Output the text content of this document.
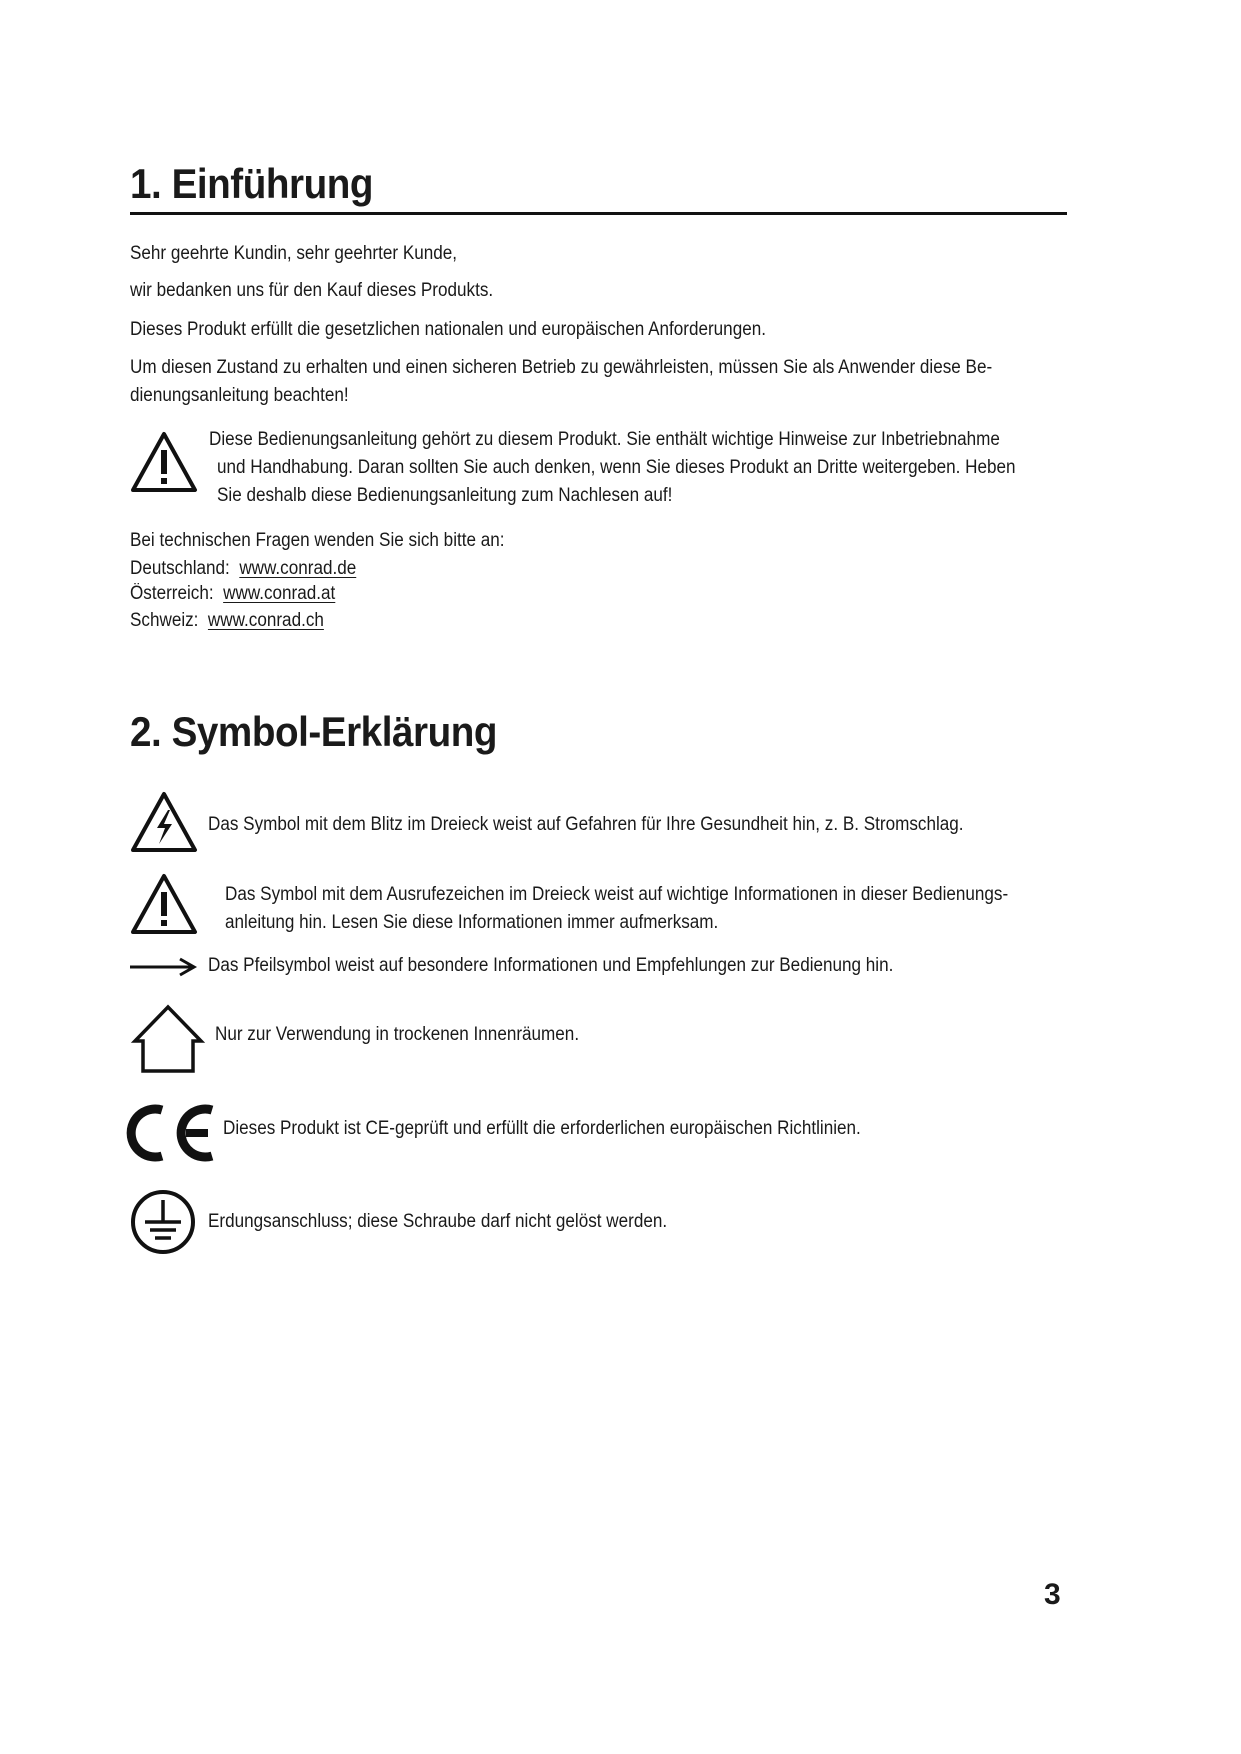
1. Einführung
Sehr geehrte Kundin, sehr geehrter Kunde,
wir bedanken uns für den Kauf dieses Produkts.
Dieses Produkt erfüllt die gesetzlichen nationalen und europäischen Anforderungen.
Um diesen Zustand zu erhalten und einen sicheren Betrieb zu gewährleisten, müssen Sie als Anwender diese Be-
dienungsanleitung beachten!
Diese Bedienungsanleitung gehört zu diesem Produkt. Sie enthält wichtige Hinweise zur Inbetriebnahme
und Handhabung. Daran sollten Sie auch denken, wenn Sie dieses Produkt an Dritte weitergeben. Heben
Sie deshalb diese Bedienungsanleitung zum Nachlesen auf!
Bei technischen Fragen wenden Sie sich bitte an:
Deutschland: www.conrad.de
Österreich: www.conrad.at
Schweiz: www.conrad.ch
2. Symbol-Erklärung
Das Symbol mit dem Blitz im Dreieck weist auf Gefahren für Ihre Gesundheit hin, z. B. Stromschlag.
Das Symbol mit dem Ausrufezeichen im Dreieck weist auf wichtige Informationen in dieser Bedienungs-
anleitung hin. Lesen Sie diese Informationen immer aufmerksam.
Das Pfeilsymbol weist auf besondere Informationen und Empfehlungen zur Bedienung hin.
Nur zur Verwendung in trockenen Innenräumen.
Dieses Produkt ist CE-geprüft und erfüllt die erforderlichen europäischen Richtlinien.
Erdungsanschluss; diese Schraube darf nicht gelöst werden.
3
